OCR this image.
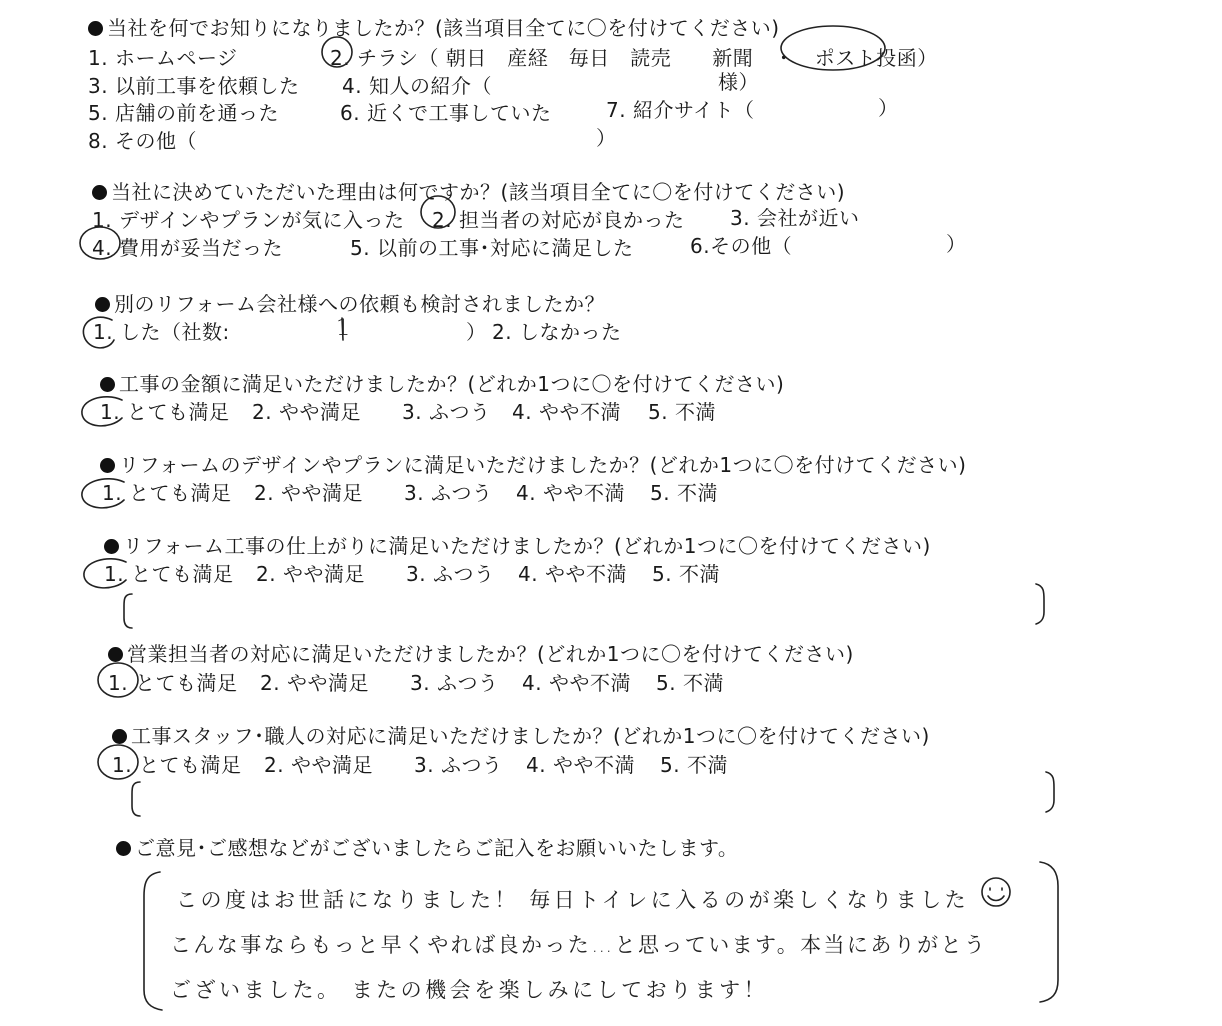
当社を何でお知りになりましたか？(該当項目全てに〇を付けてください)
1. ホームページ	2. チラシ（ 朝日　産経　毎日　読売　　新聞　・　ポスト投函）
3. 以前工事を依頼した 4. 知人の紹介（	様）
5. 店舗の前を通った	6. 近くで工事していた	7. 紹介サイト（	）
8. その他（	）
当社に決めていただいた理由は何ですか？(該当項目全てに〇を付けてください)
1. デザインやプランが気に入った 2. 担当者の対応が良かった 3. 会社が近い
4. 費用が妥当だった	5. 以前の工事･対応に満足した	6.その他（	）
別のリフォーム会社様への依頼も検討されましたか？
1. した（社数:	1	） 2. しなかった
工事の金額に満足いただけましたか？(どれか1つに〇を付けてください)
1. とても満足 2. やや満足 3. ふつう 4. やや不満 5. 不満
リフォームのデザインやプランに満足いただけましたか？(どれか1つに〇を付けてください)
1. とても満足 2. やや満足 3. ふつう 4. やや不満 5. 不満
リフォーム工事の仕上がりに満足いただけましたか？(どれか1つに〇を付けてください)
1. とても満足 2. やや満足 3. ふつう 4. やや不満 5. 不満
営業担当者の対応に満足いただけましたか？(どれか1つに〇を付けてください)
1. とても満足 2. やや満足 3. ふつう 4. やや不満 5. 不満
工事スタッフ･職人の対応に満足いただけましたか？(どれか1つに〇を付けてください)
1. とても満足 2. やや満足 3. ふつう 4. やや不満 5. 不満
ご意見･ご感想などがございましたらご記入をお願いいたします。
この度はお世話になりました！ 毎日トイレに入るのが楽しくなりました
こんな事ならもっと早くやれば良かった…と思っています。本当にありがとう
ございました。 またの機会を楽しみにしております！
